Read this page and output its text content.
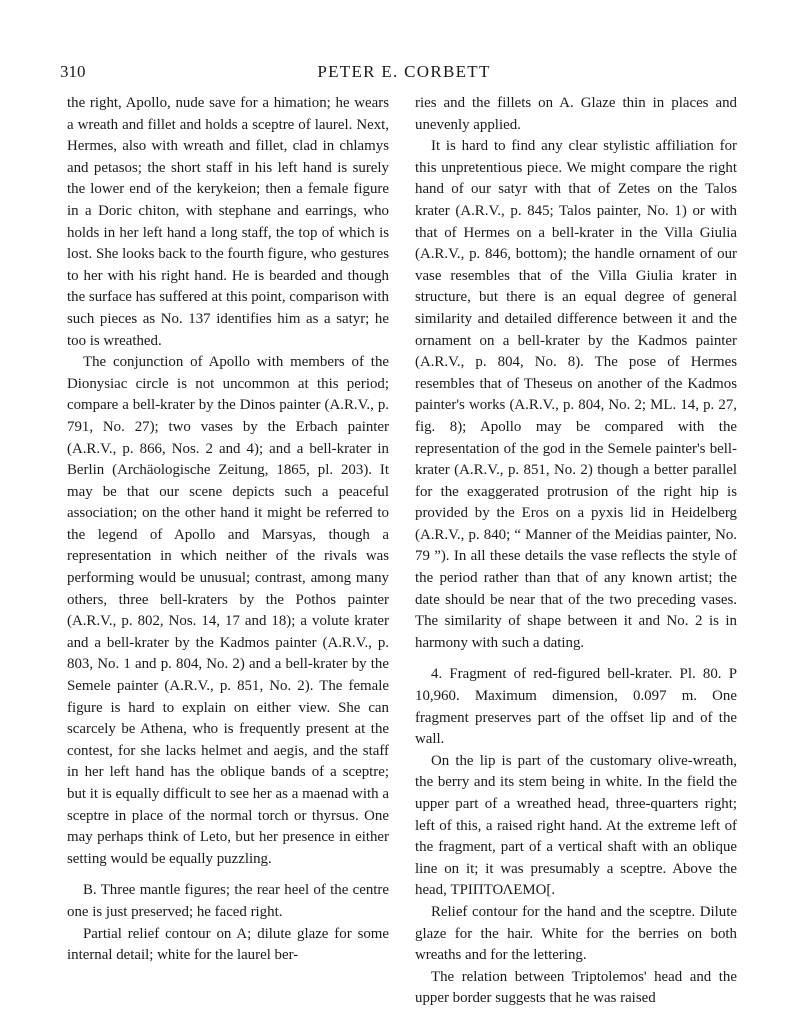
310	PETER E. CORBETT

the right, Apollo, nude save for a himation; he wears a wreath and fillet and holds a sceptre of laurel. Next, Hermes, also with wreath and fillet, clad in chlamys and petasos; the short staff in his left hand is surely the lower end of the kerykeion; then a female figure in a Doric chiton, with stephane and earrings, who holds in her left hand a long staff, the top of which is lost. She looks back to the fourth figure, who gestures to her with his right hand. He is bearded and though the surface has suffered at this point, comparison with such pieces as No. 137 identifies him as a satyr; he too is wreathed.

The conjunction of Apollo with members of the Dionysiac circle is not uncommon at this period; compare a bell-krater by the Dinos painter (A.R.V., p. 791, No. 27); two vases by the Erbach painter (A.R.V., p. 866, Nos. 2 and 4); and a bell-krater in Berlin (Archäologische Zeitung, 1865, pl. 203). It may be that our scene depicts such a peaceful association; on the other hand it might be referred to the legend of Apollo and Marsyas, though a representation in which neither of the rivals was performing would be unusual; contrast, among many others, three bell-kraters by the Pothos painter (A.R.V., p. 802, Nos. 14, 17 and 18); a volute krater and a bell-krater by the Kadmos painter (A.R.V., p. 803, No. 1 and p. 804, No. 2) and a bell-krater by the Semele painter (A.R.V., p. 851, No. 2). The female figure is hard to explain on either view. She can scarcely be Athena, who is frequently present at the contest, for she lacks helmet and aegis, and the staff in her left hand has the oblique bands of a sceptre; but it is equally difficult to see her as a maenad with a sceptre in place of the normal torch or thyrsus. One may perhaps think of Leto, but her presence in either setting would be equally puzzling.

B. Three mantle figures; the rear heel of the centre one is just preserved; he faced right.

Partial relief contour on A; dilute glaze for some internal detail; white for the laurel ber-

ries and the fillets on A. Glaze thin in places and unevenly applied.

It is hard to find any clear stylistic affiliation for this unpretentious piece. We might compare the right hand of our satyr with that of Zetes on the Talos krater (A.R.V., p. 845; Talos painter, No. 1) or with that of Hermes on a bell-krater in the Villa Giulia (A.R.V., p. 846, bottom); the handle ornament of our vase resembles that of the Villa Giulia krater in structure, but there is an equal degree of general similarity and detailed difference between it and the ornament on a bell-krater by the Kadmos painter (A.R.V., p. 804, No. 8). The pose of Hermes resembles that of Theseus on another of the Kadmos painter's works (A.R.V., p. 804, No. 2; ML. 14, p. 27, fig. 8); Apollo may be compared with the representation of the god in the Semele painter's bell-krater (A.R.V., p. 851, No. 2) though a better parallel for the exaggerated protrusion of the right hip is provided by the Eros on a pyxis lid in Heidelberg (A.R.V., p. 840; “ Manner of the Meidias painter, No. 79 ”). In all these details the vase reflects the style of the period rather than that of any known artist; the date should be near that of the two preceding vases. The similarity of shape between it and No. 2 is in harmony with such a dating.

4. Fragment of red-figured bell-krater. Pl. 80. P 10,960. Maximum dimension, 0.097 m. One fragment preserves part of the offset lip and of the wall.

On the lip is part of the customary olive-wreath, the berry and its stem being in white. In the field the upper part of a wreathed head, three-quarters right; left of this, a raised right hand. At the extreme left of the fragment, part of a vertical shaft with an oblique line on it; it was presumably a sceptre. Above the head, ΤΡΙΠΤΟΛΕΜΟ[.

Relief contour for the hand and the sceptre. Dilute glaze for the hair. White for the berries on both wreaths and for the lettering.

The relation between Triptolemos' head and the upper border suggests that he was raised
